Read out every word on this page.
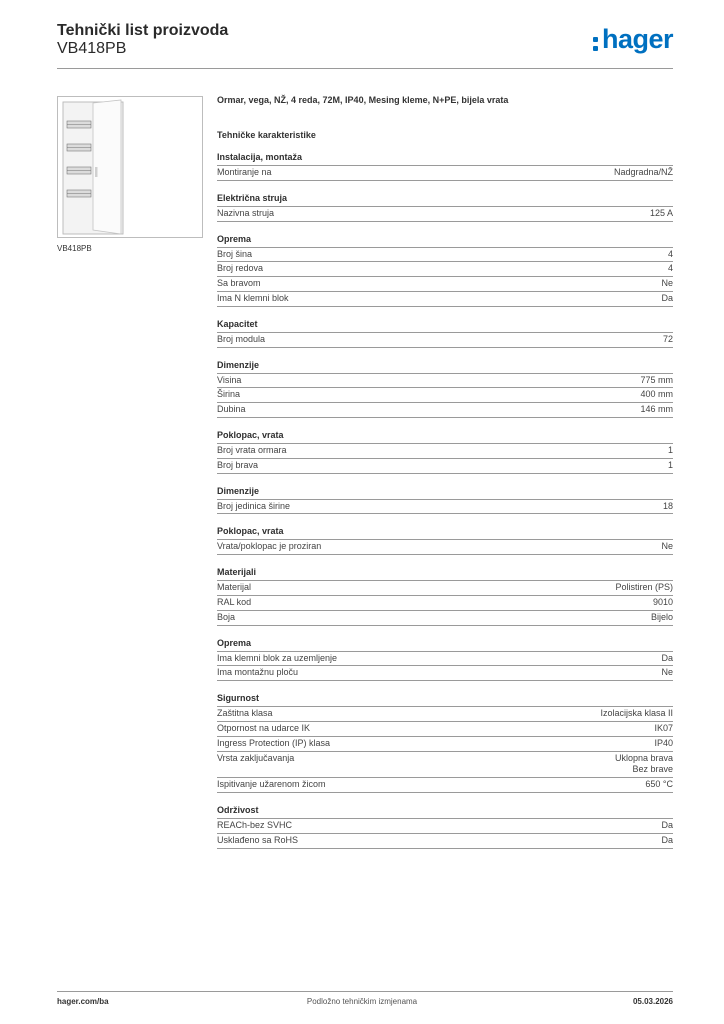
Tehnički list proizvoda
VB418PB	hager
VB418PB
Ormar, vega, NŽ, 4 reda, 72M, IP40, Mesing kleme, N+PE, bijela vrata
Tehničke karakteristike
Instalacija, montaža
Montiranje na	Nadgradna/NŽ
Električna struja
Nazivna struja	125 A
Oprema
Broj šina	4
Broj redova	4
Sa bravom	Ne
Ima N klemni blok	Da
Kapacitet
Broj modula	72
Dimenzije
Visina	775 mm
Širina	400 mm
Dubina	146 mm
Poklopac, vrata
Broj vrata ormara	1
Broj brava	1
Dimenzije
Broj jedinica širine	18
Poklopac, vrata
Vrata/poklopac je proziran	Ne
Materijali
Materijal	Polistiren (PS)
RAL kod	9010
Boja	Bijelo
Oprema
Ima klemni blok za uzemljenje	Da
Ima montažnu ploču	Ne
Sigurnost
Zaštitna klasa	Izolacijska klasa II
Otpornost na udarce IK	IK07
Ingress Protection (IP) klasa	IP40
Vrsta zaključavanja	Uklopna brava
Bez brave
Ispitivanje užarenom žicom	650 °C
Održivost
REACh-bez SVHC	Da
Usklađeno sa RoHS	Da
hager.com/ba	Podložno tehničkim izmjenama	05.03.2026
